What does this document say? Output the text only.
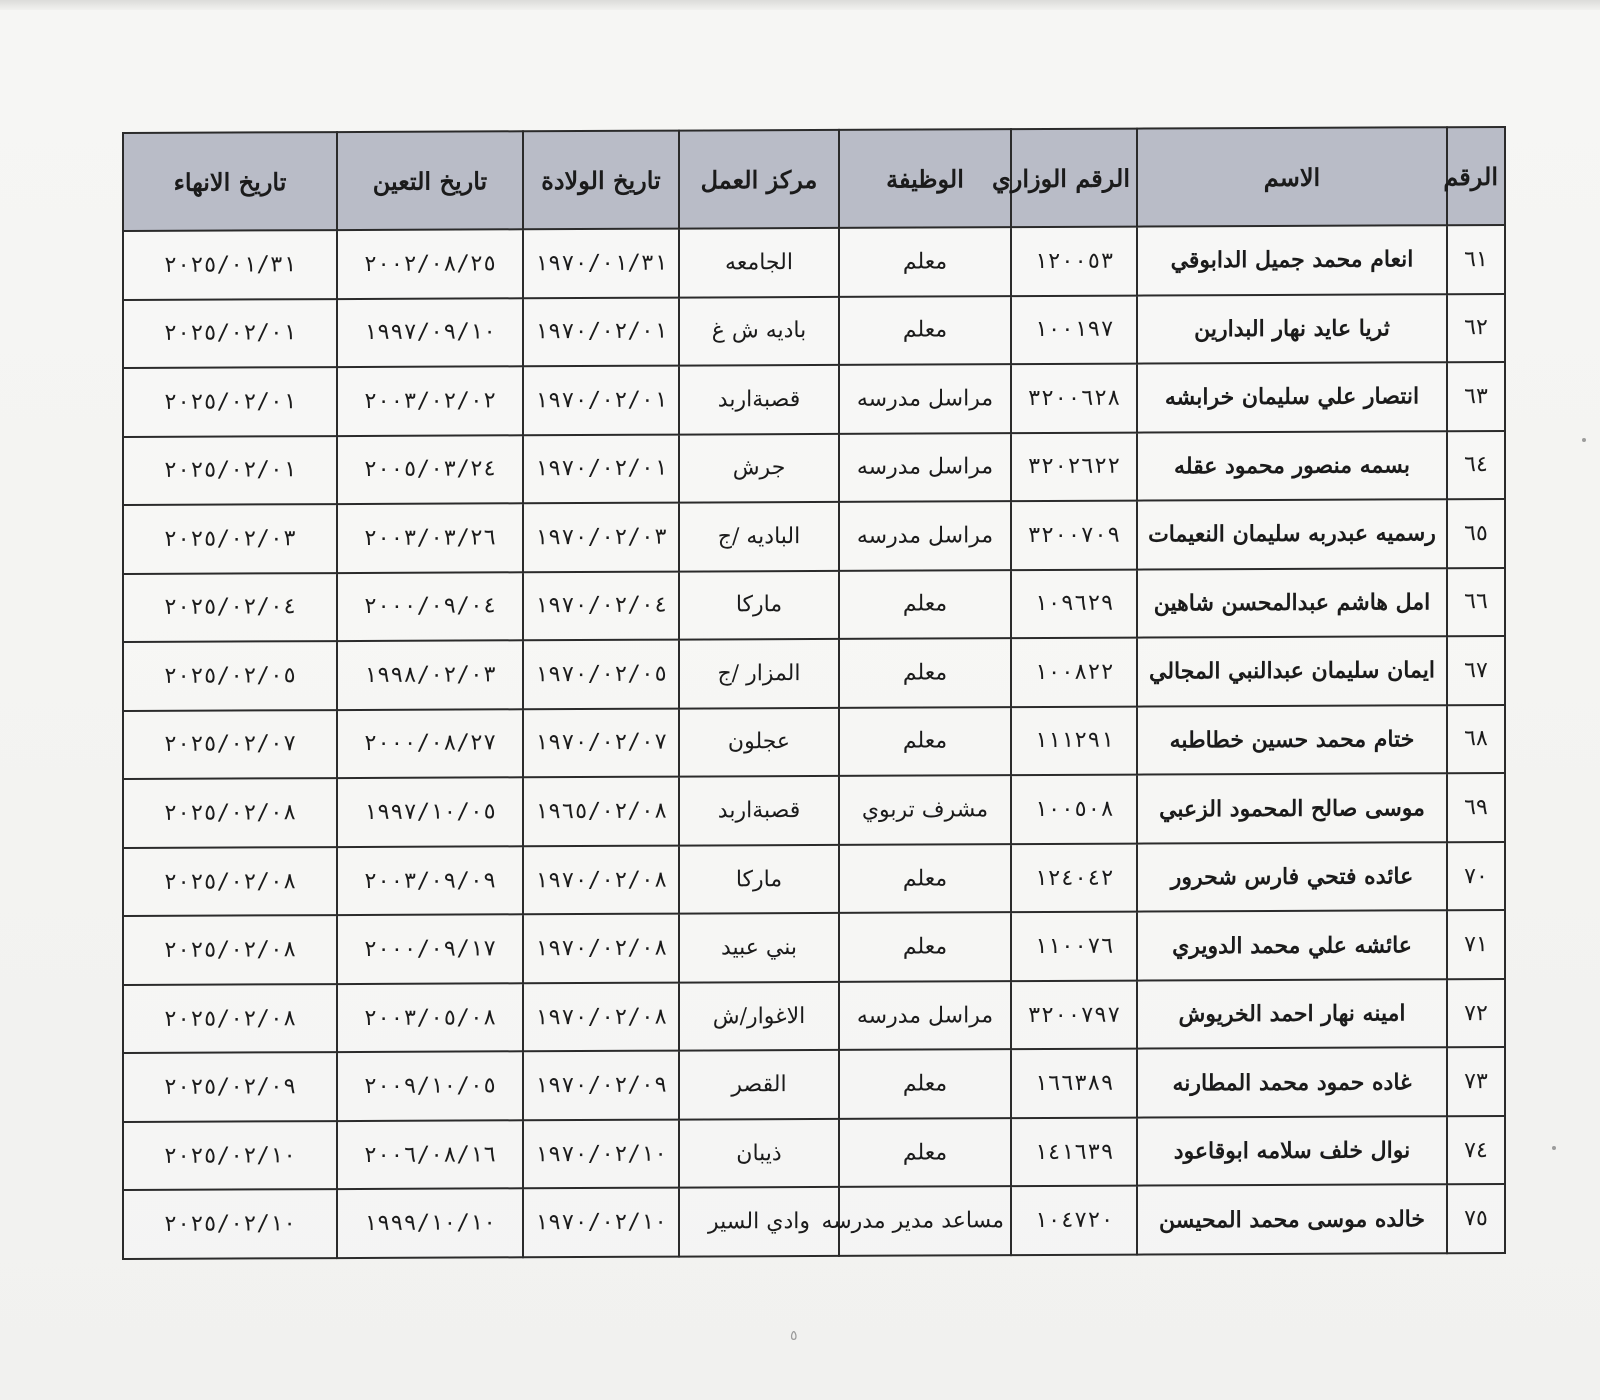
الرقم	الاسم	الرقم الوزاري	الوظيفة	مركز العمل	تاريخ الولادة	تاريخ التعين	تاريخ الانهاء
٦١	انعام محمد جميل الدابوقي	١٢٠٠٥٣	معلم	الجامعه	١٩٧٠/٠١/٣١	٢٠٠٢/٠٨/٢٥	٢٠٢٥/٠١/٣١
٦٢	ثريا عايد نهار البدارين	١٠٠١٩٧	معلم	باديه ش غ	١٩٧٠/٠٢/٠١	١٩٩٧/٠٩/١٠	٢٠٢٥/٠٢/٠١
٦٣	انتصار علي سليمان خرابشه	٣٢٠٠٦٢٨	مراسل مدرسه	قصبةاربد	١٩٧٠/٠٢/٠١	٢٠٠٣/٠٢/٠٢	٢٠٢٥/٠٢/٠١
٦٤	بسمه منصور محمود عقله	٣٢٠٢٦٢٢	مراسل مدرسه	جرش	١٩٧٠/٠٢/٠١	٢٠٠٥/٠٣/٢٤	٢٠٢٥/٠٢/٠١
٦٥	رسميه عبدربه سليمان النعيمات	٣٢٠٠٧٠٩	مراسل مدرسه	الباديه /ج	١٩٧٠/٠٢/٠٣	٢٠٠٣/٠٣/٢٦	٢٠٢٥/٠٢/٠٣
٦٦	امل هاشم عبدالمحسن شاهين	١٠٩٦٢٩	معلم	ماركا	١٩٧٠/٠٢/٠٤	٢٠٠٠/٠٩/٠٤	٢٠٢٥/٠٢/٠٤
٦٧	ايمان سليمان عبدالنبي المجالي	١٠٠٨٢٢	معلم	المزار /ج	١٩٧٠/٠٢/٠٥	١٩٩٨/٠٢/٠٣	٢٠٢٥/٠٢/٠٥
٦٨	ختام محمد حسين خطاطبه	١١١٢٩١	معلم	عجلون	١٩٧٠/٠٢/٠٧	٢٠٠٠/٠٨/٢٧	٢٠٢٥/٠٢/٠٧
٦٩	موسى صالح المحمود الزعبي	١٠٠٥٠٨	مشرف تربوي	قصبةاربد	١٩٦٥/٠٢/٠٨	١٩٩٧/١٠/٠٥	٢٠٢٥/٠٢/٠٨
٧٠	عائده فتحي فارس شحرور	١٢٤٠٤٢	معلم	ماركا	١٩٧٠/٠٢/٠٨	٢٠٠٣/٠٩/٠٩	٢٠٢٥/٠٢/٠٨
٧١	عائشه علي محمد الدويري	١١٠٠٧٦	معلم	بني عبيد	١٩٧٠/٠٢/٠٨	٢٠٠٠/٠٩/١٧	٢٠٢٥/٠٢/٠٨
٧٢	امينه نهار احمد الخريوش	٣٢٠٠٧٩٧	مراسل مدرسه	الاغوار/ش	١٩٧٠/٠٢/٠٨	٢٠٠٣/٠٥/٠٨	٢٠٢٥/٠٢/٠٨
٧٣	غاده حمود محمد المطارنه	١٦٦٣٨٩	معلم	القصر	١٩٧٠/٠٢/٠٩	٢٠٠٩/١٠/٠٥	٢٠٢٥/٠٢/٠٩
٧٤	نوال خلف سلامه ابوقاعود	١٤١٦٣٩	معلم	ذيبان	١٩٧٠/٠٢/١٠	٢٠٠٦/٠٨/١٦	٢٠٢٥/٠٢/١٠
٧٥	خالده موسى محمد المحيسن	١٠٤٧٢٠	مساعد مدير مدرسه	وادي السير	١٩٧٠/٠٢/١٠	١٩٩٩/١٠/١٠	٢٠٢٥/٠٢/١٠
٥
